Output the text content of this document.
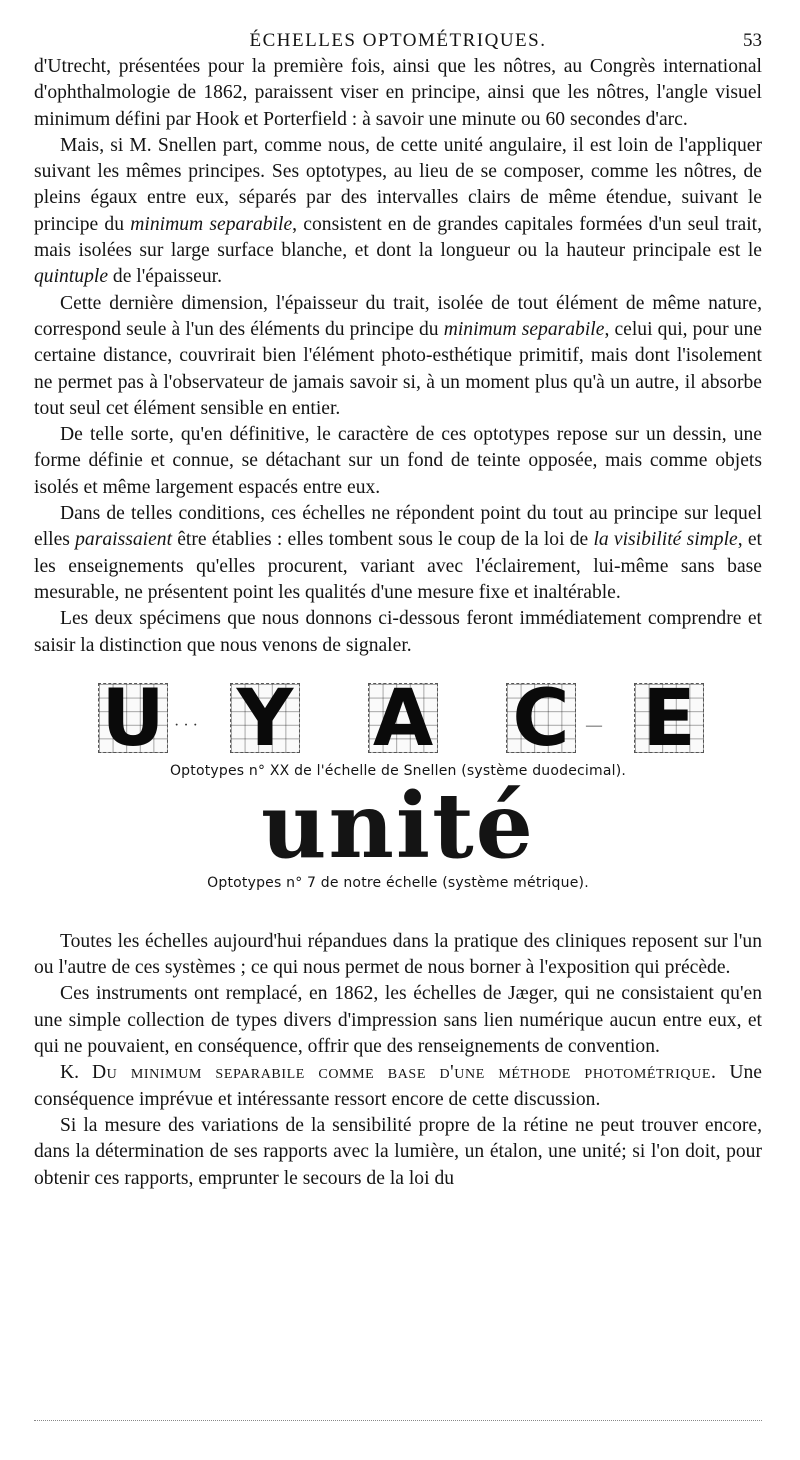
ÉCHELLES OPTOMÉTRIQUES.	53

d'Utrecht, présentées pour la première fois, ainsi que les nôtres, au Congrès international d'ophthalmologie de 1862, paraissent viser en principe, ainsi que les nôtres, l'angle visuel minimum défini par Hook et Porterfield : à savoir une minute ou 60 secondes d'arc.

Mais, si M. Snellen part, comme nous, de cette unité angulaire, il est loin de l'appliquer suivant les mêmes principes. Ses optotypes, au lieu de se composer, comme les nôtres, de pleins égaux entre eux, séparés par des intervalles clairs de même étendue, suivant le principe du minimum separabile, consistent en de grandes capitales formées d'un seul trait, mais isolées sur large surface blanche, et dont la longueur ou la hauteur principale est le quintuple de l'épaisseur.

Cette dernière dimension, l'épaisseur du trait, isolée de tout élément de même nature, correspond seule à l'un des éléments du principe du minimum separabile, celui qui, pour une certaine distance, couvrirait bien l'élément photo-esthétique primitif, mais dont l'isolement ne permet pas à l'observateur de jamais savoir si, à un moment plus qu'à un autre, il absorbe tout seul cet élément sensible en entier.

De telle sorte, qu'en définitive, le caractère de ces optotypes repose sur un dessin, une forme définie et connue, se détachant sur un fond de teinte opposée, mais comme objets isolés et même largement espacés entre eux.

Dans de telles conditions, ces échelles ne répondent point du tout au principe sur lequel elles paraissaient être établies : elles tombent sous le coup de la loi de la visibilité simple, et les enseignements qu'elles procurent, variant avec l'éclairement, lui-même sans base mesurable, ne présentent point les qualités d'une mesure fixe et inaltérable.

Les deux spécimens que nous donnons ci-dessous feront immédiatement comprendre et saisir la distinction que nous venons de signaler.

U Y A C E
· · ·	—
Optotypes n° XX de l'échelle de Snellen (système duodecimal).
unité
Optotypes n° 7 de notre échelle (système métrique).

Toutes les échelles aujourd'hui répandues dans la pratique des cliniques reposent sur l'un ou l'autre de ces systèmes ; ce qui nous permet de nous borner à l'exposition qui précède.

Ces instruments ont remplacé, en 1862, les échelles de Jæger, qui ne consistaient qu'en une simple collection de types divers d'impression sans lien numérique aucun entre eux, et qui ne pouvaient, en conséquence, offrir que des renseignements de convention.

K. Du minimum separabile comme base d'une méthode photométrique. Une conséquence imprévue et intéressante ressort encore de cette discussion.

Si la mesure des variations de la sensibilité propre de la rétine ne peut trouver encore, dans la détermination de ses rapports avec la lumière, un étalon, une unité; si l'on doit, pour obtenir ces rapports, emprunter le secours de la loi du
